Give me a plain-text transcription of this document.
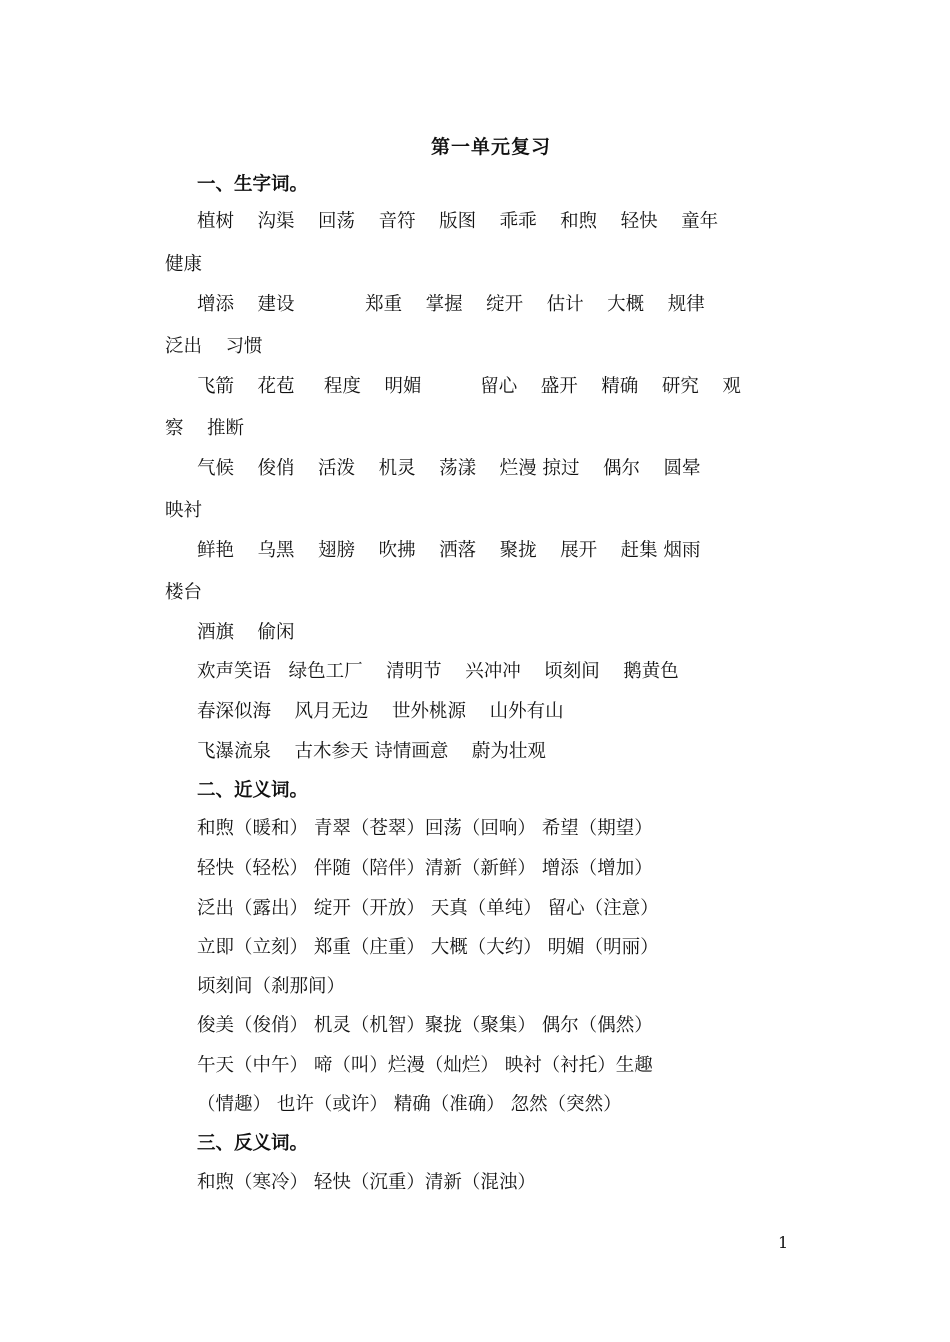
第一单元复习
一、生字词。
植树    沟渠    回荡    音符    版图    乖乖    和煦    轻快    童年
健康
增添    建设            郑重    掌握    绽开    估计    大概    规律
泛出    习惯
飞箭    花苞     程度    明媚          留心    盛开    精确    研究    观
察    推断
气候    俊俏    活泼    机灵    荡漾    烂漫 掠过    偶尔    圆晕
映衬
鲜艳    乌黑    翅膀    吹拂    洒落    聚拢    展开    赶集 烟雨
楼台
酒旗    偷闲
欢声笑语   绿色工厂    清明节    兴冲冲    顷刻间    鹅黄色
春深似海    风月无边    世外桃源    山外有山
飞瀑流泉    古木参天 诗情画意    蔚为壮观
二、近义词。
和煦（暖和） 青翠（苍翠）回荡（回响） 希望（期望）
轻快（轻松） 伴随（陪伴）清新（新鲜） 增添（增加）
泛出（露出） 绽开（开放） 天真（单纯） 留心（注意）
立即（立刻） 郑重（庄重） 大概（大约） 明媚（明丽）
顷刻间（刹那间）
俊美（俊俏） 机灵（机智）聚拢（聚集） 偶尔（偶然）
午天（中午） 啼（叫）烂漫（灿烂） 映衬（衬托）生趣
（情趣） 也许（或许） 精确（准确） 忽然（突然）
三、反义词。
和煦（寒冷） 轻快（沉重）清新（混浊）
1
